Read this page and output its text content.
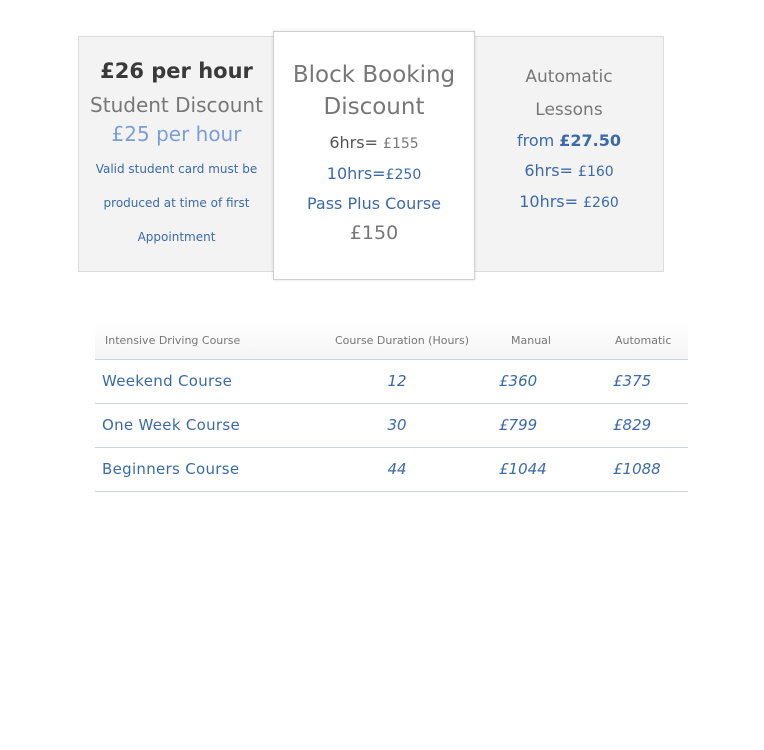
£26 per hour
Student Discount
£25 per hour
Valid student card must be
produced at time of first
Appointment
Block Booking
Discount
6hrs= £155
10hrs=£250
Pass Plus Course
£150
Automatic
Lessons
from £27.50
6hrs= £160
10hrs= £260
Intensive Driving Course	Course Duration (Hours)	Manual	Automatic
Weekend Course	12	£360	£375
One Week Course	30	£799	£829
Beginners Course	44	£1044	£1088
